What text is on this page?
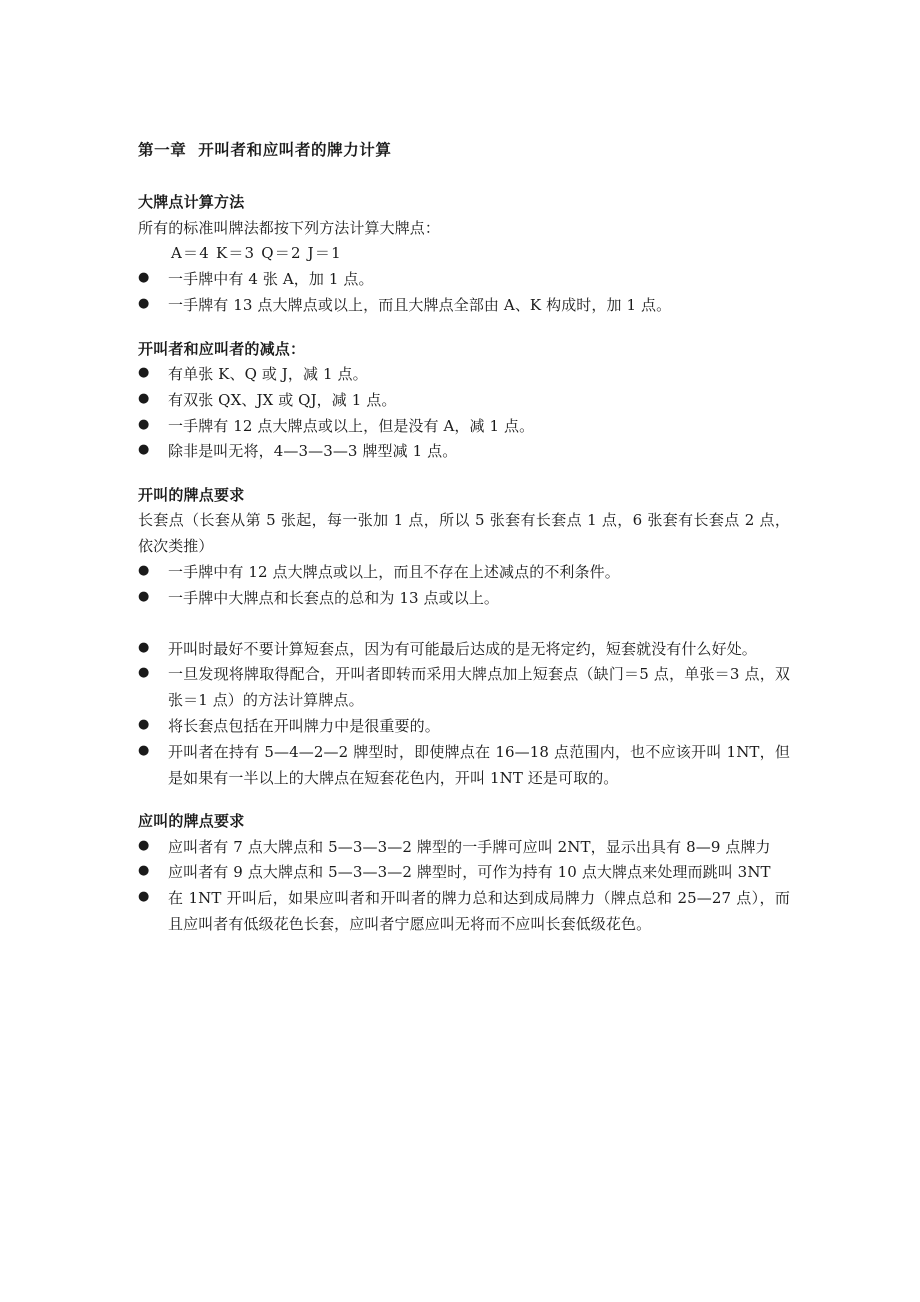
第一章  开叫者和应叫者的牌力计算
大牌点计算方法

所有的标准叫牌法都按下列方法计算大牌点：

A＝4 K＝3 Q＝2 J＝1

●	一手牌中有 4 张 A，加 1 点。
●	一手牌有 13 点大牌点或以上，而且大牌点全部由 A、K 构成时，加 1 点。
开叫者和应叫者的减点：
●	有单张 K、Q 或 J，减 1 点。
●	有双张 QX、JX 或 QJ，减 1 点。
●	一手牌有 12 点大牌点或以上，但是没有 A，减 1 点。
●	除非是叫无将，4—3—3—3 牌型减 1 点。
开叫的牌点要求

长套点（长套从第 5 张起，每一张加 1 点，所以 5 张套有长套点 1 点，6 张套有长套点 2 点，依次类推）

●	一手牌中有 12 点大牌点或以上，而且不存在上述减点的不利条件。
●	一手牌中大牌点和长套点的总和为 13 点或以上。
●	开叫时最好不要计算短套点，因为有可能最后达成的是无将定约，短套就没有什么好处。
●	一旦发现将牌取得配合，开叫者即转而采用大牌点加上短套点（缺门＝5 点，单张＝3 点，双张＝1 点）的方法计算牌点。
●	将长套点包括在开叫牌力中是很重要的。
●	开叫者在持有 5—4—2—2 牌型时，即使牌点在 16—18 点范围内，也不应该开叫 1NT，但是如果有一半以上的大牌点在短套花色内，开叫 1NT 还是可取的。
应叫的牌点要求
●	应叫者有 7 点大牌点和 5—3—3—2 牌型的一手牌可应叫 2NT，显示出具有 8—9 点牌力
●	应叫者有 9 点大牌点和 5—3—3—2 牌型时，可作为持有 10 点大牌点来处理而跳叫 3NT
●	在 1NT 开叫后，如果应叫者和开叫者的牌力总和达到成局牌力（牌点总和 25—27 点），而且应叫者有低级花色长套，应叫者宁愿应叫无将而不应叫长套低级花色。
